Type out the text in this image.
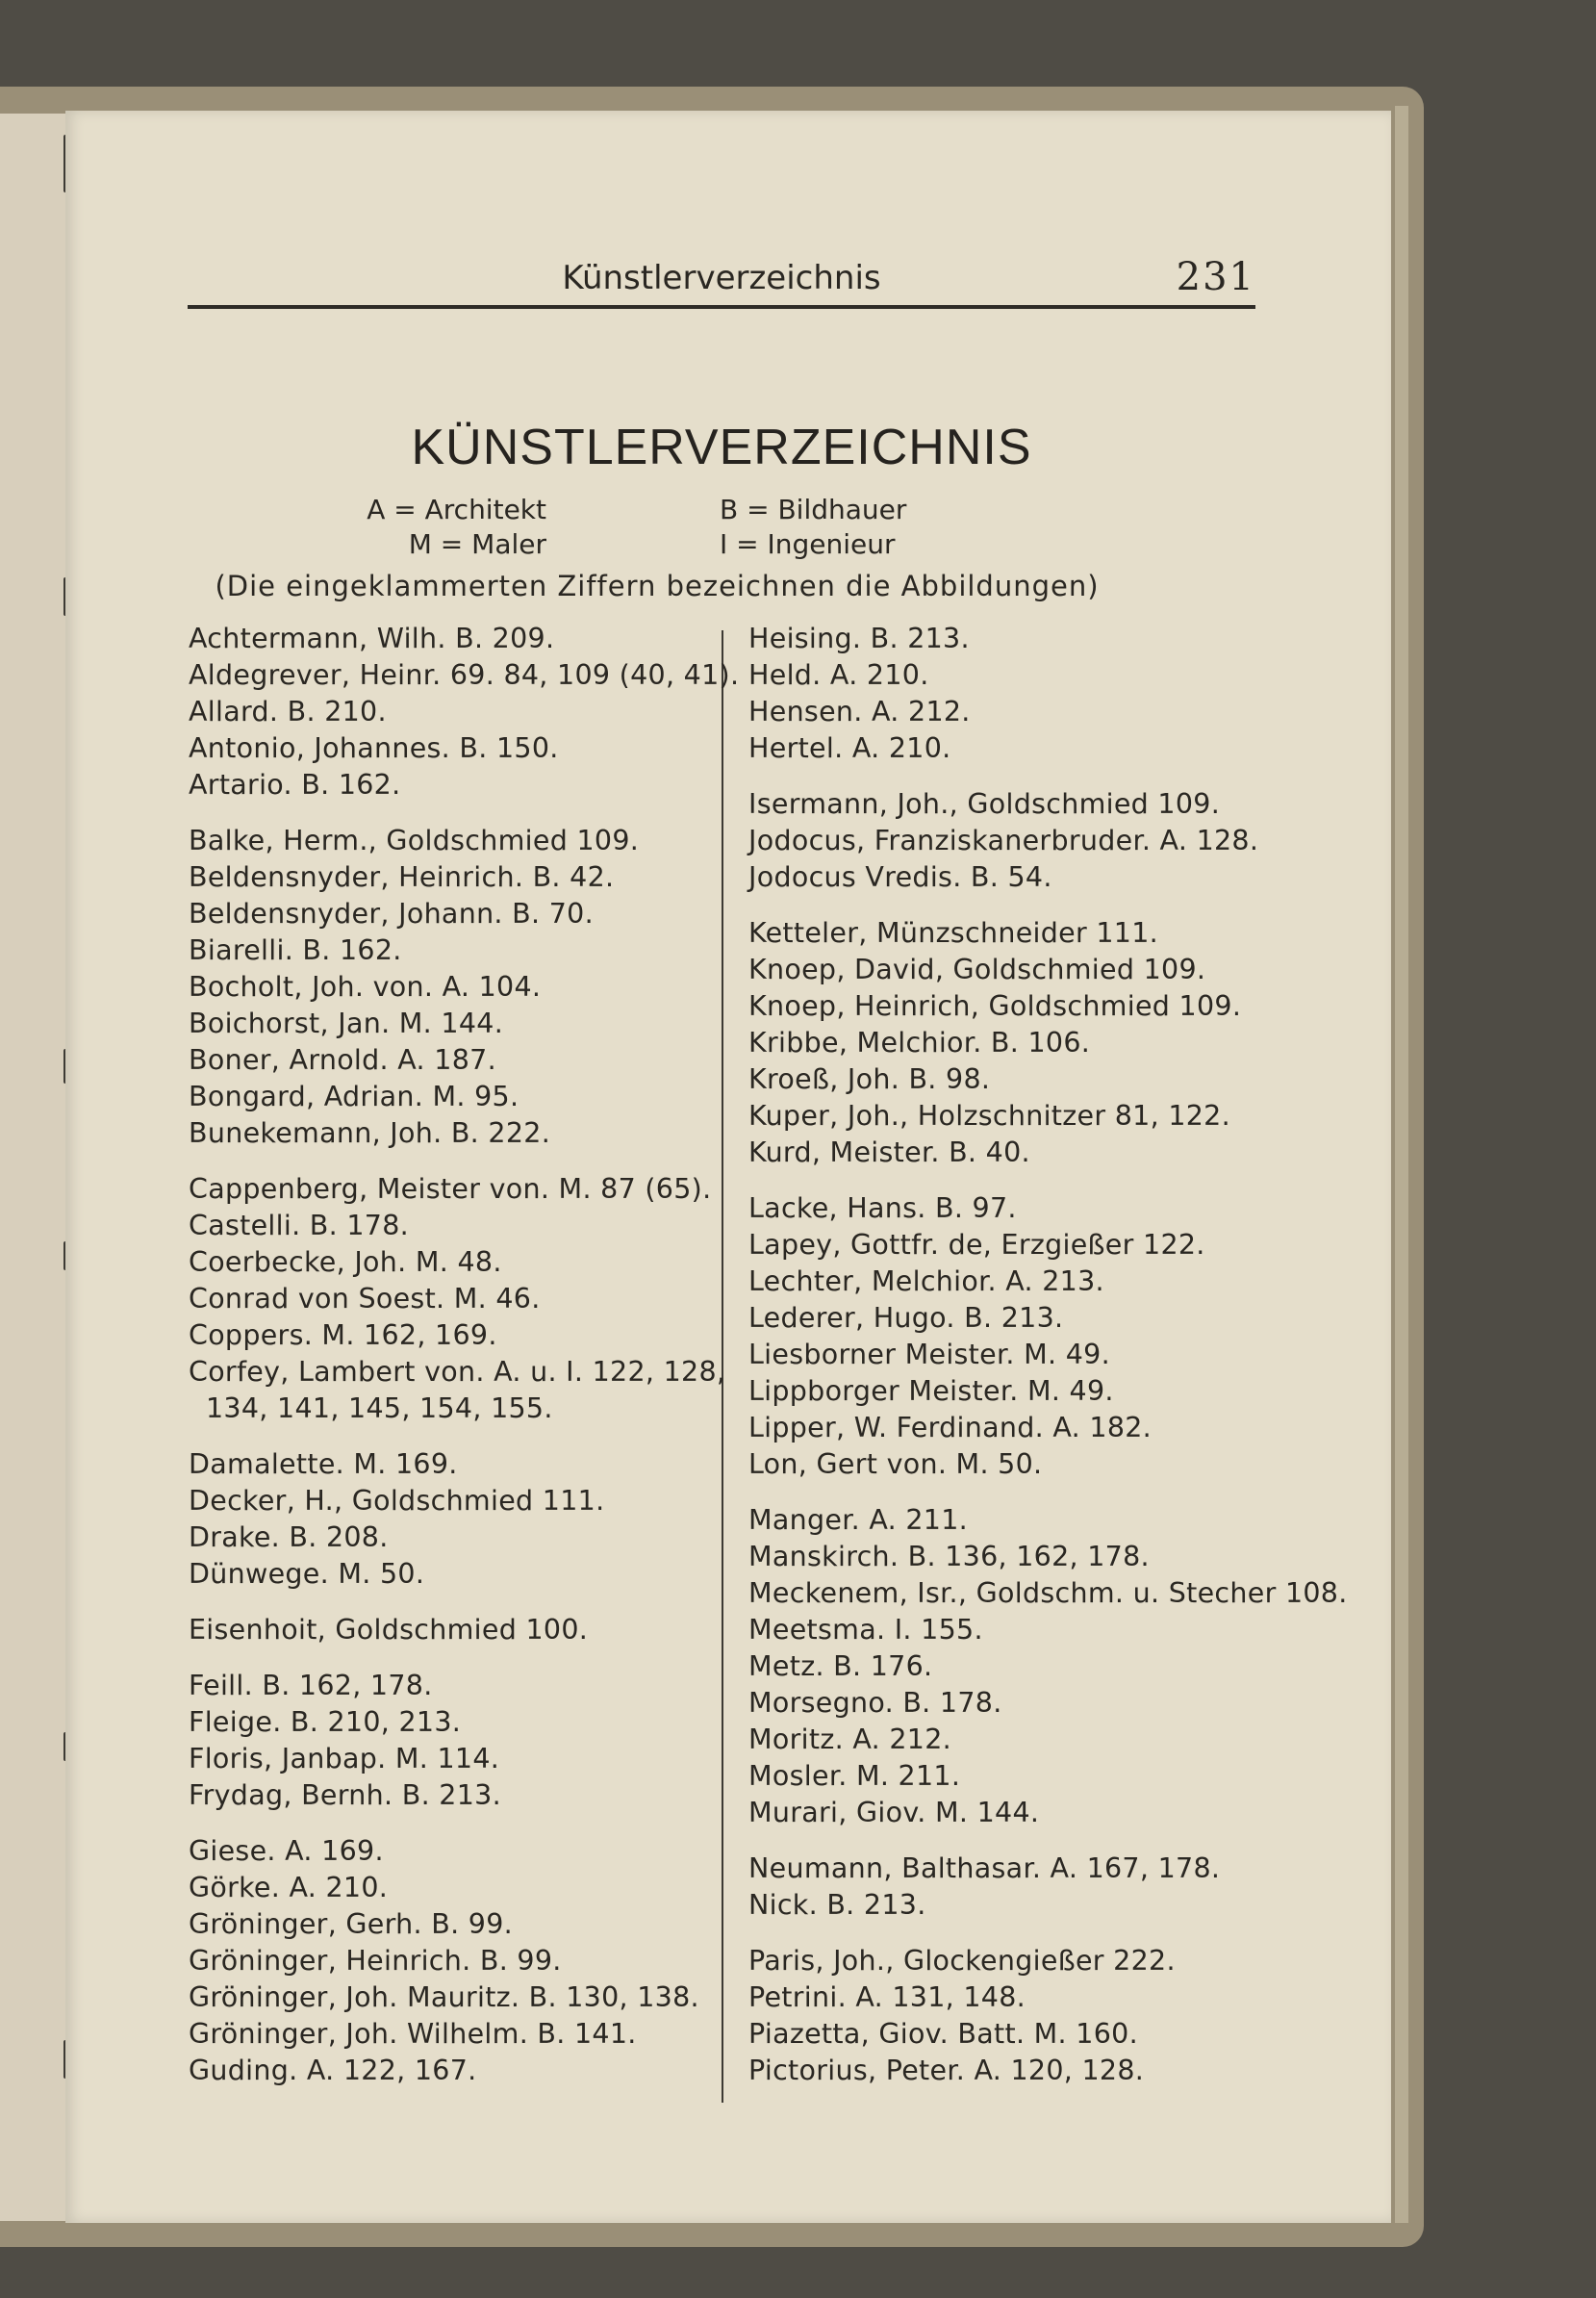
Künstlerverzeichnis	231
KÜNSTLERVERZEICHNIS
A = Architekt	B = Bildhauer
M = Maler	I = Ingenieur
(Die eingeklammerten Ziffern bezeichnen die Abbildungen)
Achtermann, Wilh. B. 209.
Aldegrever, Heinr. 69. 84, 109 (40, 41).
Allard. B. 210.
Antonio, Johannes. B. 150.
Artario. B. 162.
Balke, Herm., Goldschmied 109.
Beldensnyder, Heinrich. B. 42.
Beldensnyder, Johann. B. 70.
Biarelli. B. 162.
Bocholt, Joh. von. A. 104.
Boichorst, Jan. M. 144.
Boner, Arnold. A. 187.
Bongard, Adrian. M. 95.
Bunekemann, Joh. B. 222.
Cappenberg, Meister von. M. 87 (65).
Castelli. B. 178.
Coerbecke, Joh. M. 48.
Conrad von Soest. M. 46.
Coppers. M. 162, 169.
Corfey, Lambert von. A. u. I. 122, 128,
134, 141, 145, 154, 155.
Damalette. M. 169.
Decker, H., Goldschmied 111.
Drake. B. 208.
Dünwege. M. 50.
Eisenhoit, Goldschmied 100.
Feill. B. 162, 178.
Fleige. B. 210, 213.
Floris, Janbap. M. 114.
Frydag, Bernh. B. 213.
Giese. A. 169.
Görke. A. 210.
Gröninger, Gerh. B. 99.
Gröninger, Heinrich. B. 99.
Gröninger, Joh. Mauritz. B. 130, 138.
Gröninger, Joh. Wilhelm. B. 141.
Guding. A. 122, 167.
Heising. B. 213.
Held. A. 210.
Hensen. A. 212.
Hertel. A. 210.
Isermann, Joh., Goldschmied 109.
Jodocus, Franziskanerbruder. A. 128.
Jodocus Vredis. B. 54.
Ketteler, Münzschneider 111.
Knoep, David, Goldschmied 109.
Knoep, Heinrich, Goldschmied 109.
Kribbe, Melchior. B. 106.
Kroeß, Joh. B. 98.
Kuper, Joh., Holzschnitzer 81, 122.
Kurd, Meister. B. 40.
Lacke, Hans. B. 97.
Lapey, Gottfr. de, Erzgießer 122.
Lechter, Melchior. A. 213.
Lederer, Hugo. B. 213.
Liesborner Meister. M. 49.
Lippborger Meister. M. 49.
Lipper, W. Ferdinand. A. 182.
Lon, Gert von. M. 50.
Manger. A. 211.
Manskirch. B. 136, 162, 178.
Meckenem, Isr., Goldschm. u. Stecher 108.
Meetsma. I. 155.
Metz. B. 176.
Morsegno. B. 178.
Moritz. A. 212.
Mosler. M. 211.
Murari, Giov. M. 144.
Neumann, Balthasar. A. 167, 178.
Nick. B. 213.
Paris, Joh., Glockengießer 222.
Petrini. A. 131, 148.
Piazetta, Giov. Batt. M. 160.
Pictorius, Peter. A. 120, 128.
